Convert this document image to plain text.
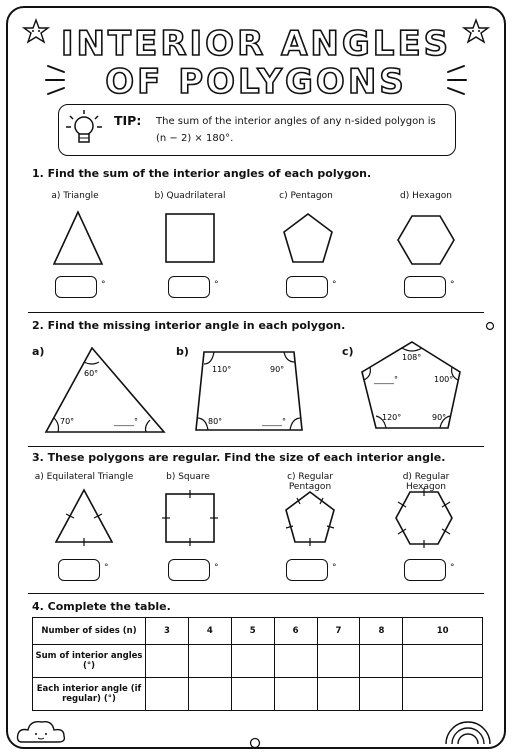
INTERIOR ANGLES
OF POLYGONS
TIP: The sum of the interior angles of any n-sided polygon is (n − 2) × 180°.
1. Find the sum of the interior angles of each polygon.
a) Triangle	b) Quadrilateral	c) Pentagon	d) Hexagon
°	°	°	°
2. Find the missing interior angle in each polygon.
a)	b)	c)
60°
70°	_____°
110°	90°
80°	_____°
108°
_____°	100°
120°	90°
3. These polygons are regular. Find the size of each interior angle.
a) Equilateral Triangle	b) Square	c) Regular Pentagon
d) Regular Hexagon
°	°	°	°
4. Complete the table.
Number of sides (n)	3	4	5	6	7	8	10
Sum of interior angles (°)							
Each interior angle (if regular) (°)							
